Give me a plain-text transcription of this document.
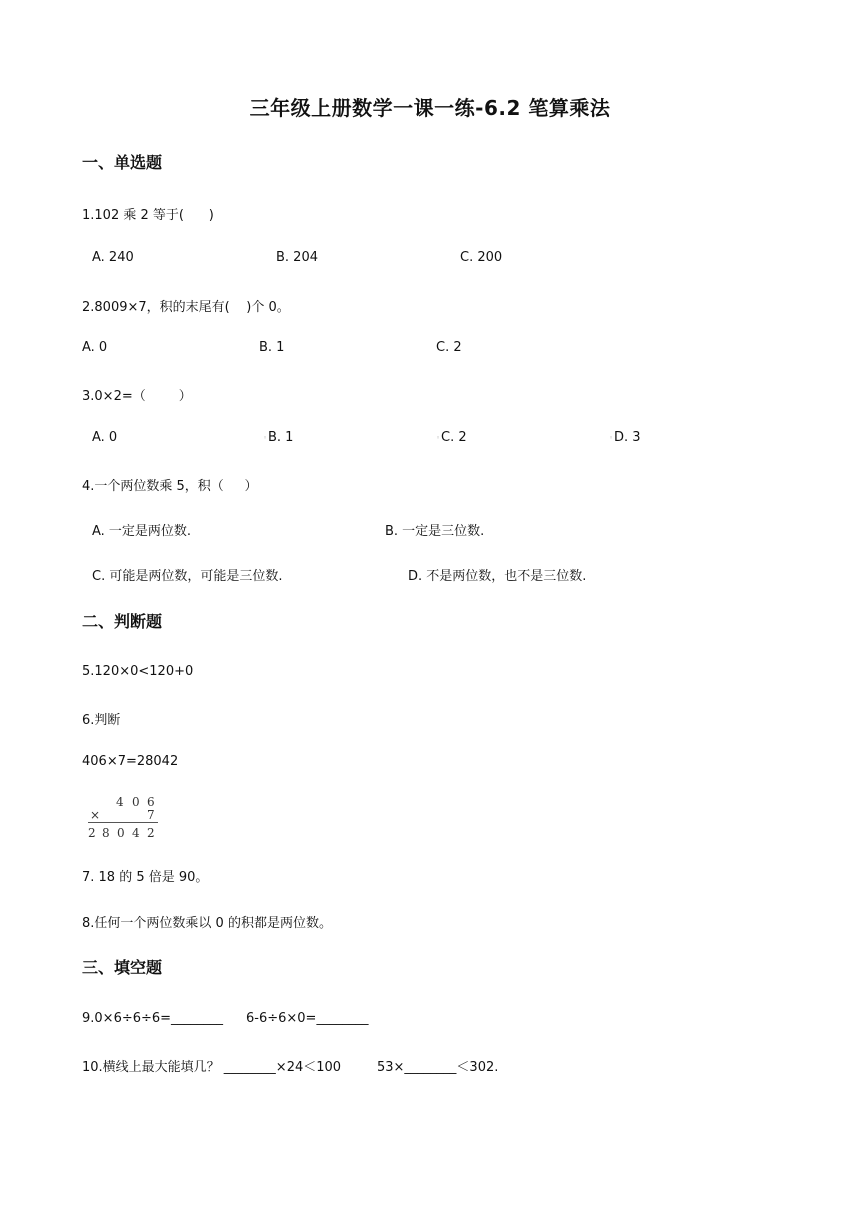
三年级上册数学一课一练-6.2 笔算乘法
一、单选题
1.102 乘 2 等于(      )
A. 240	B. 204	C. 200
2.8009×7，积的末尾有(    )个 0。
A. 0	B. 1	C. 2
3.0×2=（        ）
A. 0	◦ B. 1	◦ C. 2	◦ D. 3
4.一个两位数乘 5，积（     ）
A. 一定是两位数.	B. 一定是三位数.
C. 可能是两位数，可能是三位数.	D. 不是两位数，也不是三位数.
二、判断题
5.120×0<120+0
6.判断
406×7=28042
4 0 6
×	7
2 8 0 4 2
7. 18 的 5 倍是 90。
8.任何一个两位数乘以 0 的积都是两位数。
三、填空题
9.0×6÷6÷6=________ 6-6÷6×0=________
10.横线上最大能填几？ ________×24＜100	53×________＜302.
